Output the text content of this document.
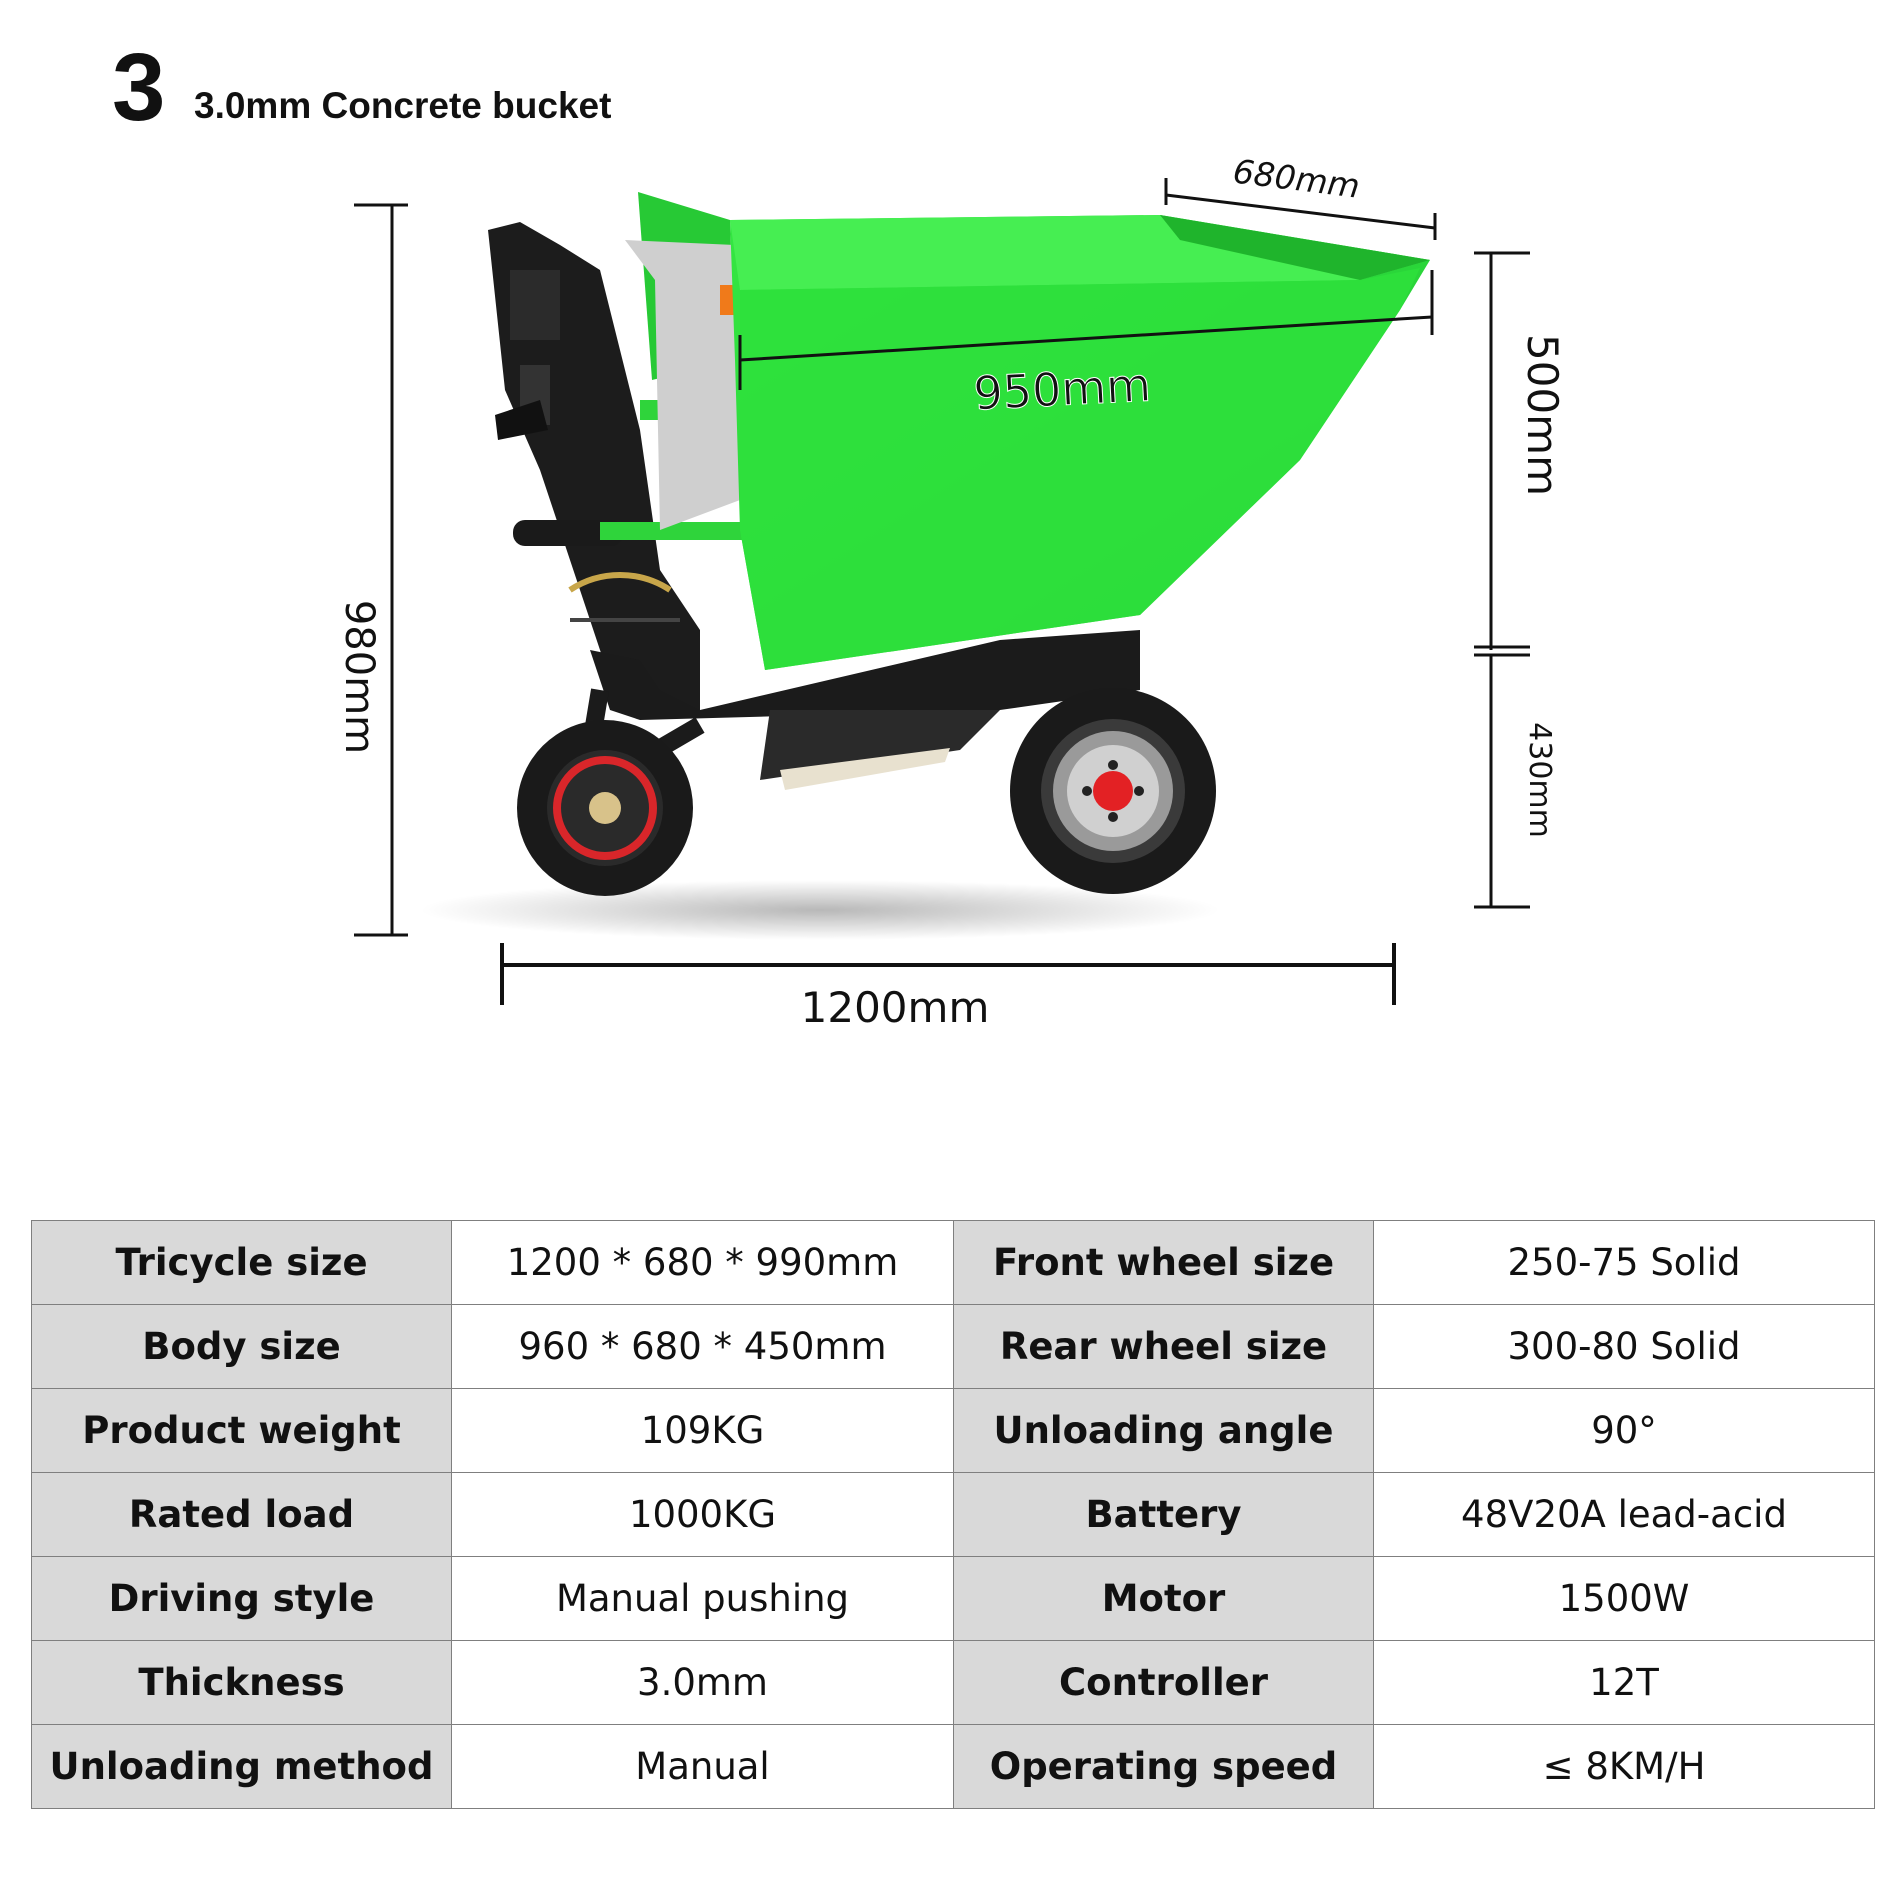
3 3.0mm Concrete bucket
980mm
1200mm
500mm
430mm
950mm
680mm
Tricycle size	1200 * 680 * 990mm	Front wheel size	250-75 Solid
Body size	960 * 680 * 450mm	Rear wheel size	300-80 Solid
Product weight	109KG	Unloading angle	90°
Rated load	1000KG	Battery	48V20A lead-acid
Driving style	Manual pushing	Motor	1500W
Thickness	3.0mm	Controller	12T
Unloading method	Manual	Operating speed	≤ 8KM/H
